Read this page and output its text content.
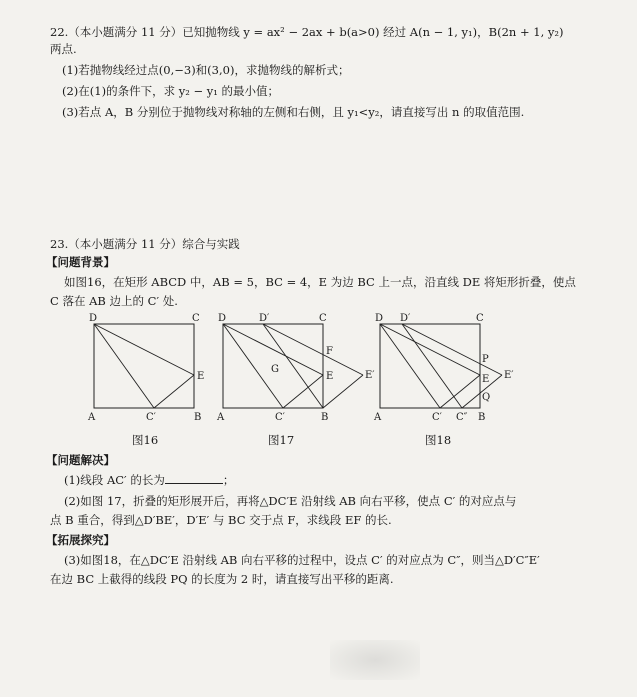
22.（本小题满分 11 分）已知抛物线 y = ax² − 2ax + b(a>0) 经过 A(n − 1, y₁)，B(2n + 1, y₂)
两点.
(1)若抛物线经过点(0,−3)和(3,0)，求抛物线的解析式；
(2)在(1)的条件下，求 y₂ − y₁ 的最小值；
(3)若点 A，B 分别位于抛物线对称轴的左侧和右侧，且 y₁<y₂，请直接写出 n 的取值范围.
23.（本小题满分 11 分）综合与实践
【问题背景】
如图16，在矩形 ABCD 中，AB = 5，BC = 4，E 为边 BC 上一点，沿直线 DE 将矩形折叠，使点
C 落在 AB 边上的 C′ 处.
D	C
A	B
E
C′
图16
D	D′	C
A	B
E	E′
F
G
C′
图17
D D′	C
A	B
E E′
P
Q
C′ C″
图18
【问题解决】
(1)线段 AC′ 的长为	；
(2)如图 17，折叠的矩形展开后，再将△DC′E 沿射线 AB 向右平移，使点 C′ 的对应点与
点 B 重合，得到△D′BE′，D′E′ 与 BC 交于点 F，求线段 EF 的长.
【拓展探究】
(3)如图18，在△DC′E 沿射线 AB 向右平移的过程中，设点 C′ 的对应点为 C″，则当△D′C″E′
在边 BC 上截得的线段 PQ 的长度为 2 时，请直接写出平移的距离.
